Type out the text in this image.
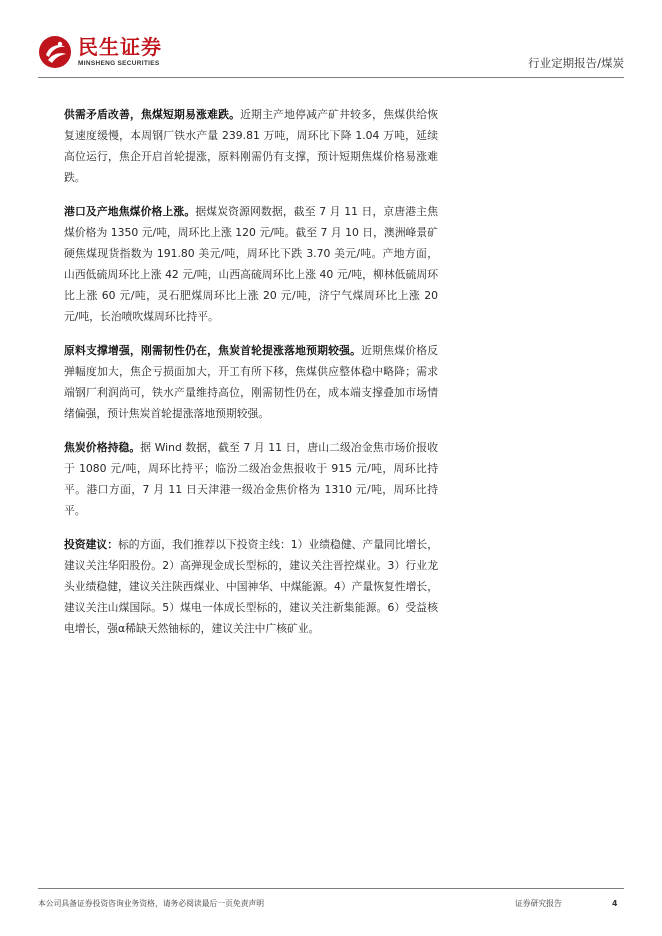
民生证券
MINSHENG SECURITIES	行业定期报告/煤炭

供需矛盾改善，焦煤短期易涨难跌。近期主产地停减产矿井较多，焦煤供给恢复速度缓慢，本周钢厂铁水产量 239.81 万吨，周环比下降 1.04 万吨，延续高位运行，焦企开启首轮提涨，原料刚需仍有支撑，预计短期焦煤价格易涨难跌。

港口及产地焦煤价格上涨。据煤炭资源网数据，截至 7 月 11 日，京唐港主焦煤价格为 1350 元/吨，周环比上涨 120 元/吨。截至 7 月 10 日，澳洲峰景矿硬焦煤现货指数为 191.80 美元/吨，周环比下跌 3.70 美元/吨。产地方面，山西低硫周环比上涨 42 元/吨，山西高硫周环比上涨 40 元/吨，柳林低硫周环比上涨 60 元/吨，灵石肥煤周环比上涨 20 元/吨，济宁气煤周环比上涨 20 元/吨，长治喷吹煤周环比持平。

原料支撑增强，刚需韧性仍在，焦炭首轮提涨落地预期较强。近期焦煤价格反弹幅度加大，焦企亏损面加大，开工有所下移，焦煤供应整体稳中略降；需求端钢厂利润尚可，铁水产量维持高位，刚需韧性仍在，成本端支撑叠加市场情绪偏强，预计焦炭首轮提涨落地预期较强。

焦炭价格持稳。据 Wind 数据，截至 7 月 11 日，唐山二级冶金焦市场价报收于 1080 元/吨，周环比持平；临汾二级冶金焦报收于 915 元/吨，周环比持平。港口方面，7 月 11 日天津港一级冶金焦价格为 1310 元/吨，周环比持平。

投资建议：标的方面，我们推荐以下投资主线：1）业绩稳健、产量同比增长，建议关注华阳股份。2）高弹现金成长型标的，建议关注晋控煤业。3）行业龙头业绩稳健，建议关注陕西煤业、中国神华、中煤能源。4）产量恢复性增长，建议关注山煤国际。5）煤电一体成长型标的，建议关注新集能源。6）受益核电增长，强α稀缺天然铀标的，建议关注中广核矿业。

本公司具备证券投资咨询业务资格，请务必阅读最后一页免责声明	证券研究报告	4
